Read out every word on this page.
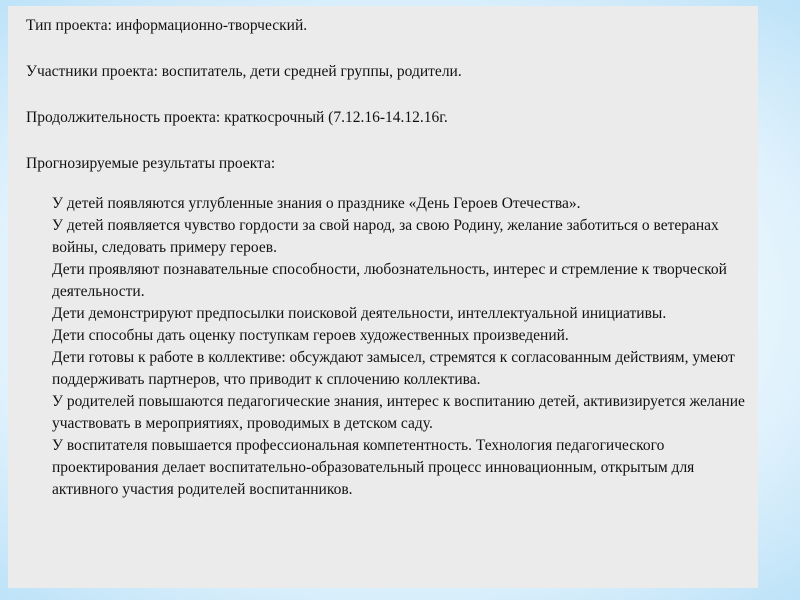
Тип проекта: информационно-творческий.
Участники проекта: воспитатель, дети средней группы, родители.
Продолжительность проекта: краткосрочный (7.12.16-14.12.16г.
Прогнозируемые результаты проекта:
У детей появляются углубленные знания о празднике «День Героев Отечества».
У детей появляется чувство гордости за свой народ, за свою Родину, желание заботиться о ветеранах войны, следовать примеру героев.
Дети проявляют познавательные способности, любознательность, интерес и стремление к творческой деятельности.
Дети демонстрируют предпосылки поисковой деятельности, интеллектуальной инициативы.
Дети способны дать оценку поступкам героев художественных произведений.
Дети готовы к работе в коллективе: обсуждают замысел, стремятся к согласованным действиям, умеют поддерживать партнеров, что приводит к сплочению коллектива.
У родителей повышаются педагогические знания, интерес к воспитанию детей, активизируется желание участвовать в мероприятиях, проводимых в детском саду.
У воспитателя повышается профессиональная компетентность. Технология педагогического проектирования делает воспитательно-образовательный процесс инновационным, открытым для активного участия родителей воспитанников.
